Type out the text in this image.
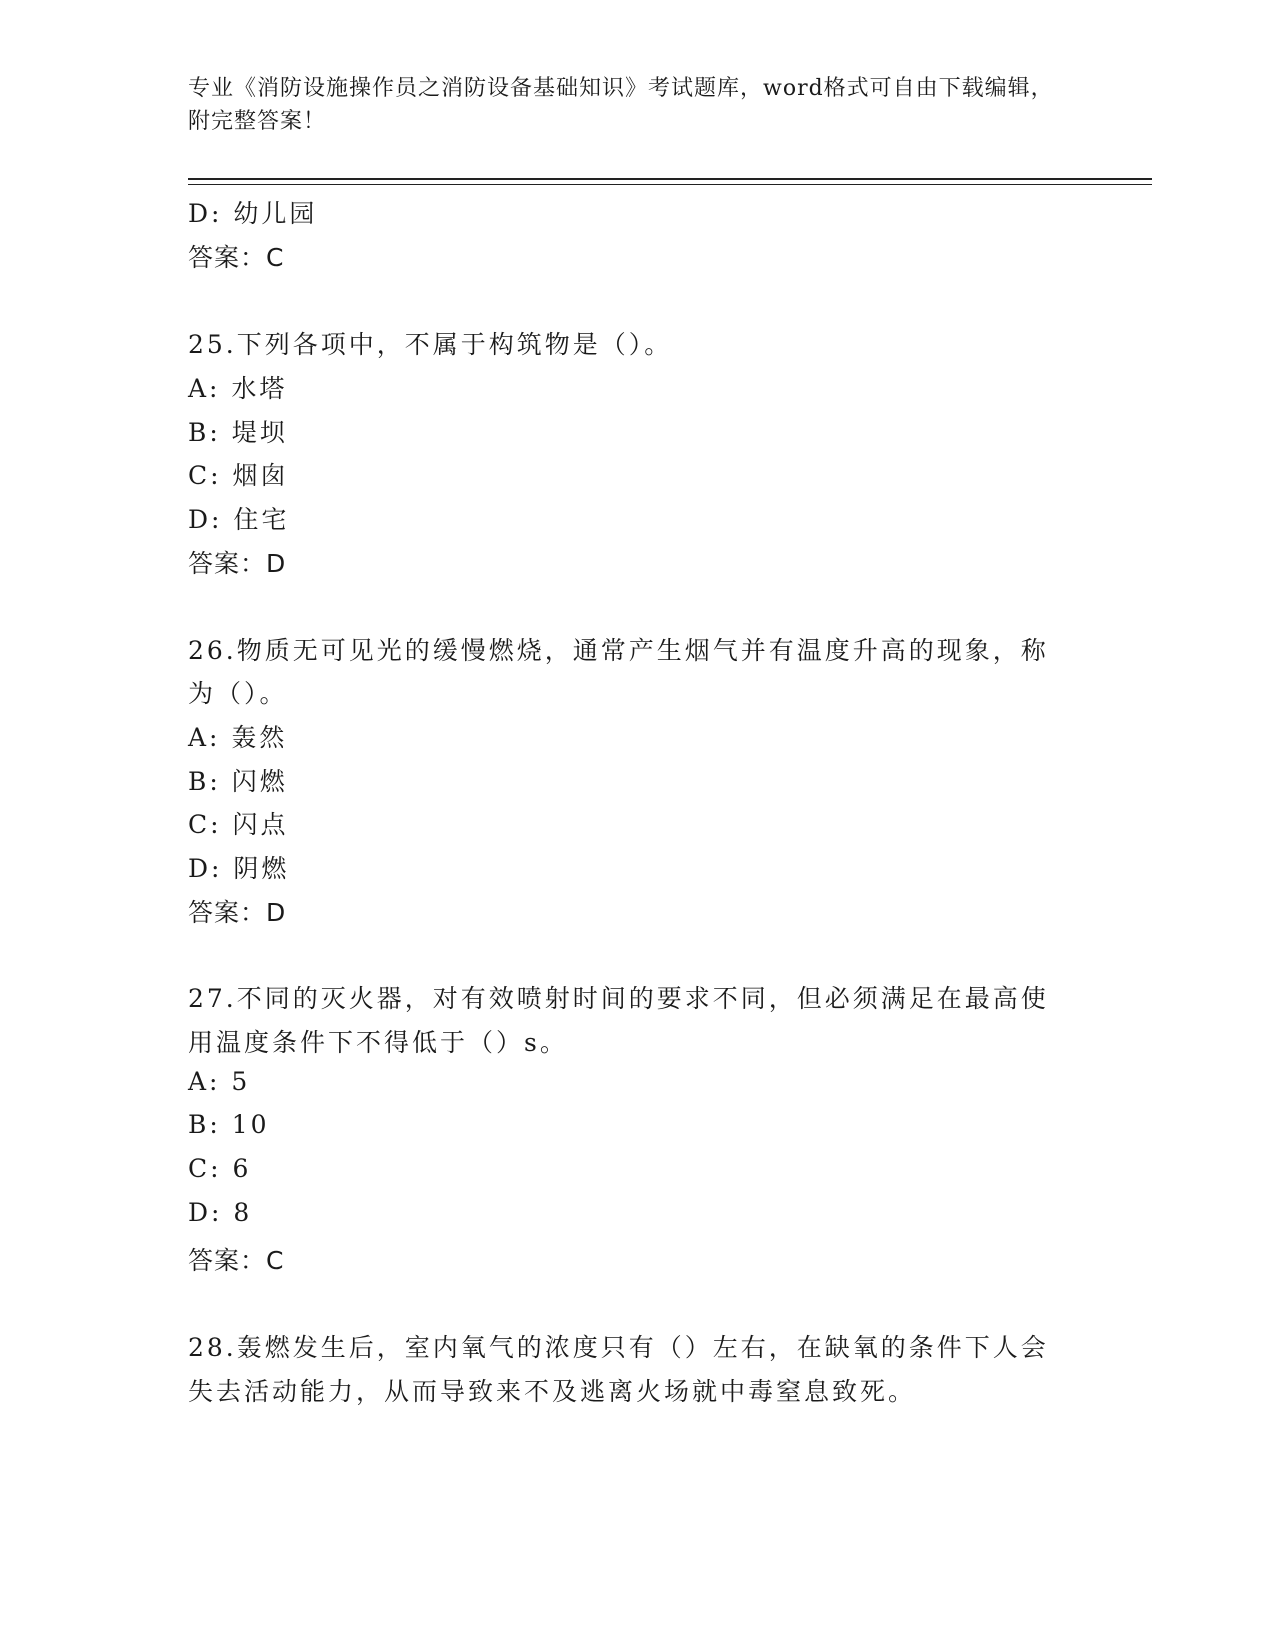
专业《消防设施操作员之消防设备基础知识》考试题库，word格式可自由下载编辑，附完整答案！
D: 幼儿园
答案：C
25.下列各项中，不属于构筑物是（）。
A: 水塔
B: 堤坝
C: 烟囱
D: 住宅
答案：D
26.物质无可见光的缓慢燃烧，通常产生烟气并有温度升高的现象，称
为（）。
A: 轰然
B: 闪燃
C: 闪点
D: 阴燃
答案：D
27.不同的灭火器，对有效喷射时间的要求不同，但必须满足在最高使
用温度条件下不得低于（）s。
A: 5
B: 10
C: 6
D: 8
答案：C
28.轰燃发生后，室内氧气的浓度只有（）左右，在缺氧的条件下人会
失去活动能力，从而导致来不及逃离火场就中毒窒息致死。
